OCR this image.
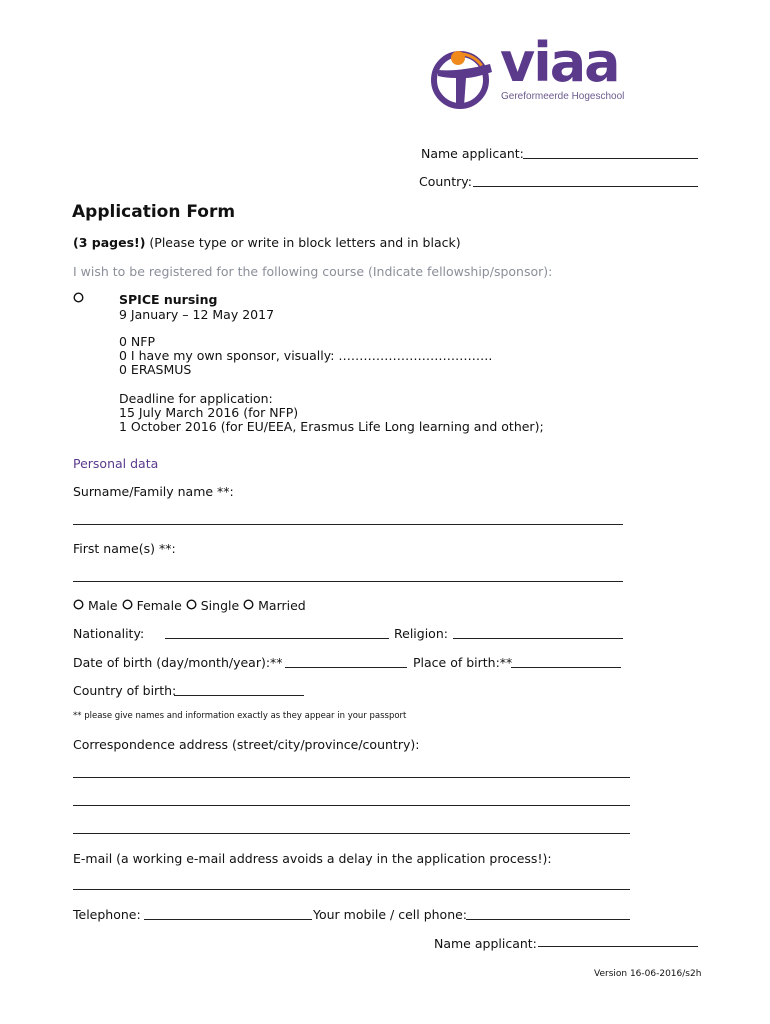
viaa
Gereformeerde Hogeschool
Name applicant:
Country:
Application Form
(3 pages!) (Please type or write in block letters and in black)
I wish to be registered for the following course (Indicate fellowship/sponsor):
SPICE nursing
9 January – 12 May 2017
0 NFP
0 I have my own sponsor, visually: ……………………………….
0 ERASMUS
Deadline for application:
15 July March 2016 (for NFP)
1 October 2016 (for EU/EEA, Erasmus Life Long learning and other);
Personal data
Surname/Family name **:
First name(s) **:
Male Female Single Married
Nationality:	Religion:
Date of birth (day/month/year):**	Place of birth:**
Country of birth:
** please give names and information exactly as they appear in your passport
Correspondence address (street/city/province/country):
E-mail (a working e-mail address avoids a delay in the application process!):
Telephone:	Your mobile / cell phone:
Name applicant:
Version 16-06-2016/s2h
